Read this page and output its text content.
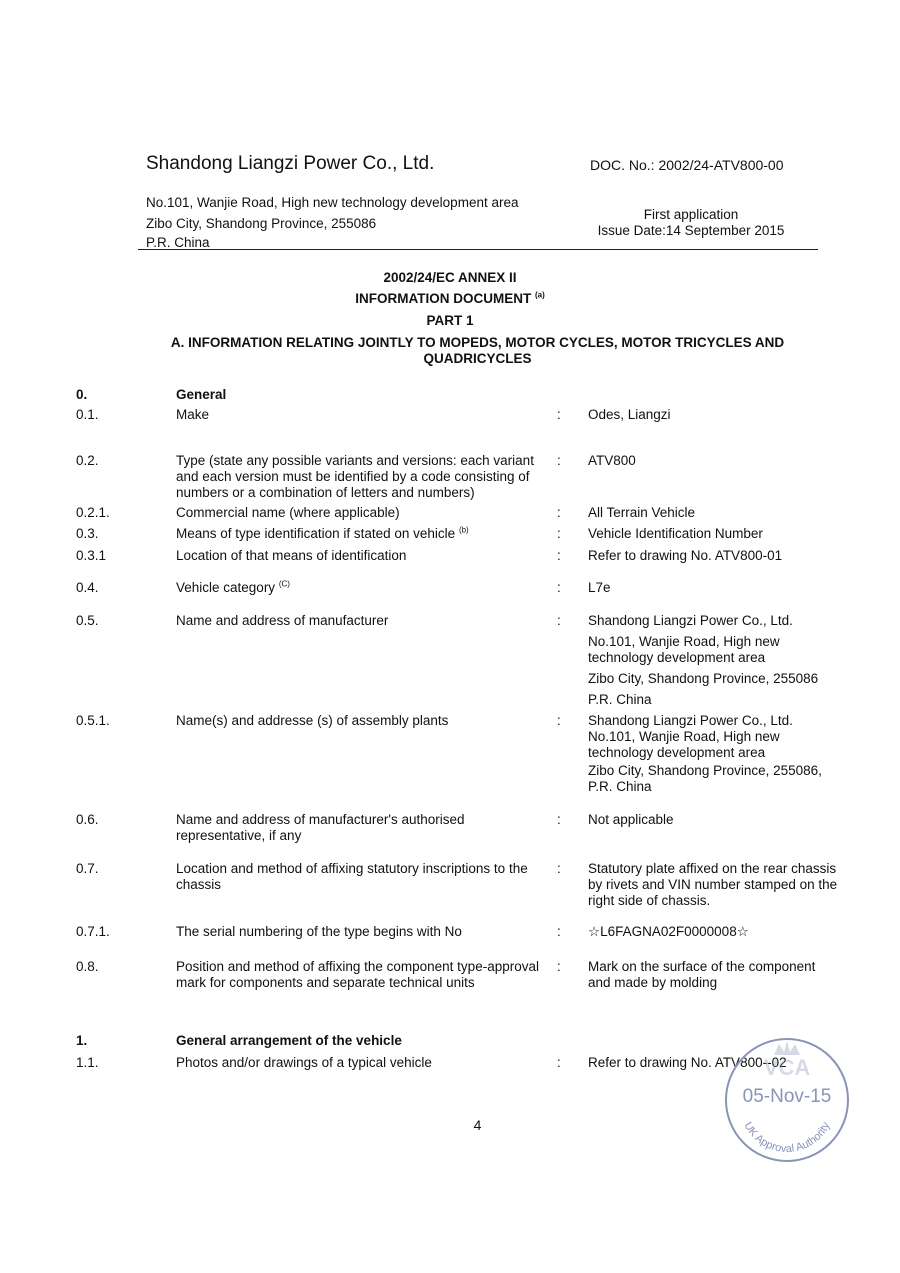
Shandong Liangzi Power Co., Ltd.	DOC. No.: 2002/24-ATV800-00
No.101, Wanjie Road, High new technology development area
Zibo City, Shandong Province, 255086
P.R. China
First application
Issue Date:14 September 2015
2002/24/EC ANNEX II
INFORMATION DOCUMENT $^{(a)}$
PART 1
A. INFORMATION RELATING JOINTLY TO MOPEDS, MOTOR CYCLES, MOTOR TRICYCLES AND QUADRICYCLES
0.	General
0.1.	Make	: Odes, Liangzi
0.2.	Type (state any possible variants and versions: each variant and each version must be identified by a code consisting of numbers or a combination of letters and numbers)
: ATV800
0.2.1.	Commercial name (where applicable)	: All Terrain Vehicle
0.3.	Means of type identification if stated on vehicle $^{(b)}$	: Vehicle Identification Number
0.3.1	Location of that means of identification	: Refer to drawing No. ATV800-01
0.4.	Vehicle category $^{(C)}$	: L7e
0.5.	Name and address of manufacturer	: Shandong Liangzi Power Co., Ltd.
No.101, Wanjie Road, High new technology development area
Zibo City, Shandong Province, 255086
P.R. China
0.5.1.	Name(s) and addresse (s) of assembly plants	: Shandong Liangzi Power Co., Ltd.
No.101, Wanjie Road, High new technology development area
Zibo City, Shandong Province, 255086,
P.R. China
0.6.	Name and address of manufacturer's authorised representative, if any
: Not applicable
0.7.	Location and method of affixing statutory inscriptions to the chassis
: Statutory plate affixed on the rear chassis by rivets and VIN number stamped on the right side of chassis.
0.7.1.	The serial numbering of the type begins with No	: ☆L6FAGNA02F0000008☆
0.8.	Position and method of affixing the component type-approval mark for components and separate technical units
: Mark on the surface of the component and made by molding
1.	General arrangement of the vehicle
1.1.	Photos and/or drawings of a typical vehicle	: Refer to drawing No. ATV800--02
4
VCA
05-Nov-15
UK Approval Authority
